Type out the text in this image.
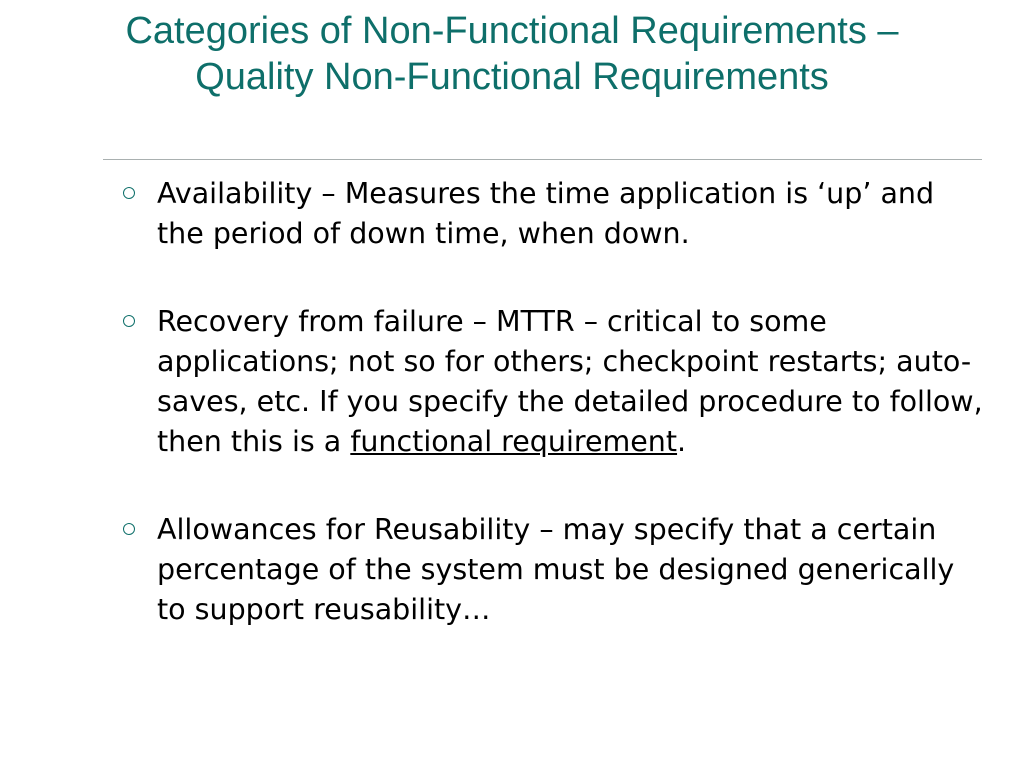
Categories of Non-Functional Requirements –
Quality Non-Functional Requirements
Availability – Measures the time application is ‘up’ and the period of down time, when down.
Recovery from failure – MTTR – critical to some applications; not so for others; checkpoint restarts; auto-saves, etc. If you specify the detailed procedure to follow, then this is a functional requirement.
Allowances for Reusability – may specify that a certain percentage of the system must be designed generically to support reusability…
